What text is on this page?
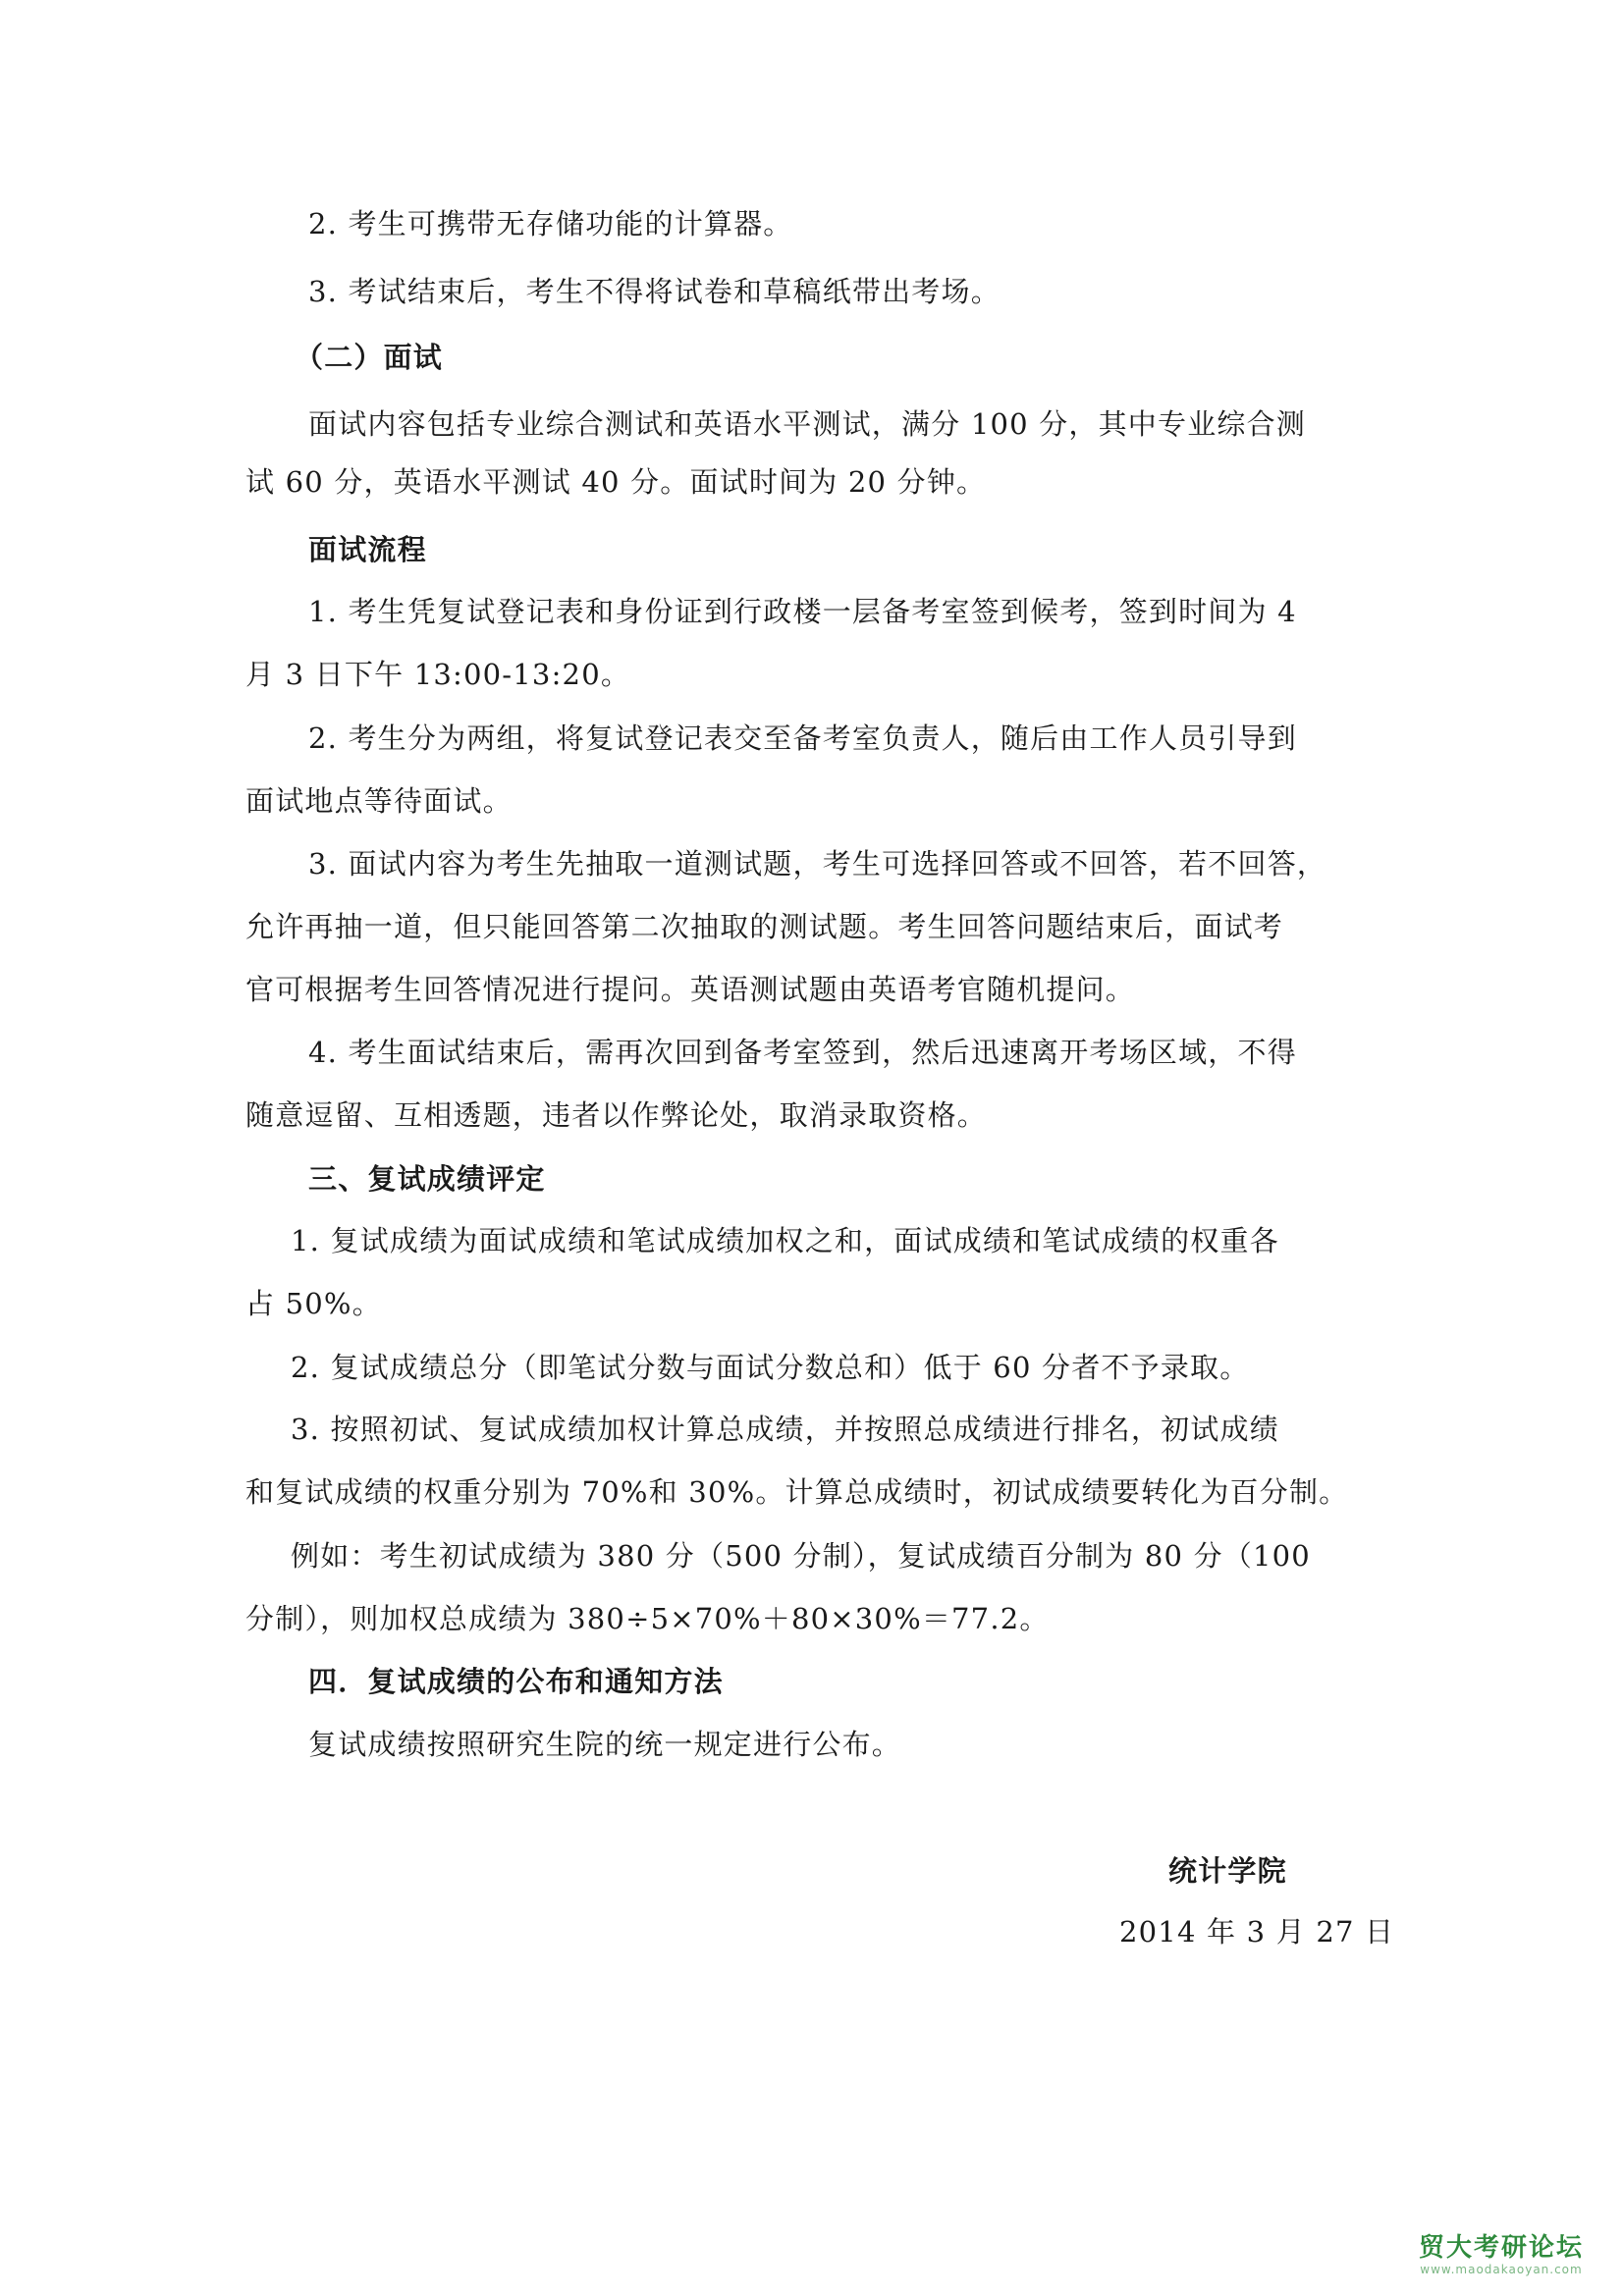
2. 考生可携带无存储功能的计算器。
3. 考试结束后，考生不得将试卷和草稿纸带出考场。
（二）面试
面试内容包括专业综合测试和英语水平测试，满分 100 分，其中专业综合测
试 60 分，英语水平测试 40 分。面试时间为 20 分钟。
面试流程
1. 考生凭复试登记表和身份证到行政楼一层备考室签到候考，签到时间为 4
月 3 日下午 13:00-13:20。
2. 考生分为两组，将复试登记表交至备考室负责人，随后由工作人员引导到
面试地点等待面试。
3. 面试内容为考生先抽取一道测试题，考生可选择回答或不回答，若不回答，
允许再抽一道，但只能回答第二次抽取的测试题。考生回答问题结束后，面试考
官可根据考生回答情况进行提问。英语测试题由英语考官随机提问。
4. 考生面试结束后，需再次回到备考室签到，然后迅速离开考场区域，不得
随意逗留、互相透题，违者以作弊论处，取消录取资格。
三、复试成绩评定
1. 复试成绩为面试成绩和笔试成绩加权之和，面试成绩和笔试成绩的权重各
占 50%。
2. 复试成绩总分（即笔试分数与面试分数总和）低于 60 分者不予录取。
3. 按照初试、复试成绩加权计算总成绩，并按照总成绩进行排名，初试成绩
和复试成绩的权重分别为 70%和 30%。计算总成绩时，初试成绩要转化为百分制。
例如：考生初试成绩为 380 分（500 分制），复试成绩百分制为 80 分（100
分制），则加权总成绩为 380÷5×70%＋80×30%＝77.2。
四．复试成绩的公布和通知方法
复试成绩按照研究生院的统一规定进行公布。
统计学院
2014 年 3 月 27 日
贸大考研论坛
www.maodakaoyan.com
